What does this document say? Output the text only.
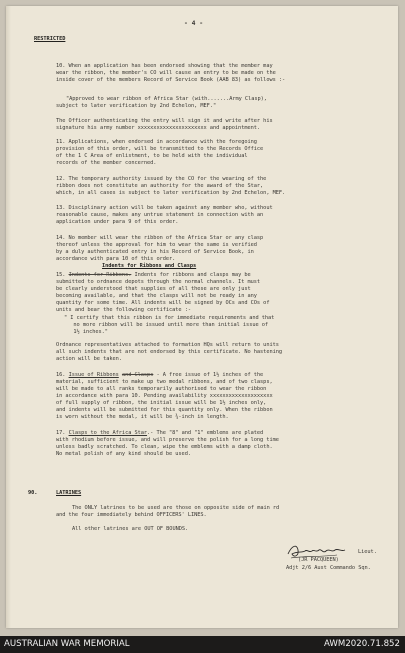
- 4 -
RESTRICTED
10. When an application has been endorsed showing that the member may
wear the ribbon, the member's CO will cause an entry to be made on the
inside cover of the members Record of Service Book (AAB 83) as follows :-
"Approved to wear ribbon of Africa Star (with.......Army Clasp),
subject to later verification by 2nd Echelon, MEF."
The Officer authenticating the entry will sign it and write after his
signature his army number xxxxxxxxxxxxxxxxxxxxxx and appointment.
11. Applications, when endorsed in accordance with the foregoing
provision of this order, will be transmitted to the Records Office
of the 1 C Area of enlistment, to be held with the individual
records of the member concerned.
12. The temporary authority issued by the CO for the wearing of the
ribbon does not constitute an authority for the award of the Star,
which, in all cases is subject to later verification by 2nd Echelon, MEF.
13. Disciplinary action will be taken against any member who, without
reasonable cause, makes any untrue statement in connection with an
application under para 9 of this order.
14. No member will wear the ribbon of the Africa Star or any clasp
thereof unless the approval for him to wear the same is verified
by a duly authenticated entry in his Record of Service Book, in
accordance with para 10 of this order.
Indents for Ribbons and Clasps
15. Indents for Ribbons. Indents for ribbons and clasps may be
submitted to ordnance depots through the normal channels. It must
be clearly understood that supplies of all these are only just
becoming available, and that the clasps will not be ready in any
quantity for some time. All indents will be signed by OCs and COs of
units and bear the following certificate :-
" I certify that this ribbon is for immediate requirements and that
no more ribbon will be issued until more than initial issue of
1½ inches."
Ordnance representatives attached to formation HQs will return to units
all such indents that are not endorsed by this certificate. No hastening
action will be taken.
16. Issue of Ribbons and Clasps - A free issue of 1½ inches of the
material, sufficient to make up two medal ribbons, and of two clasps,
will be made to all ranks temporarily authorised to wear the ribbon
in accordance with para 10. Pending availability xxxxxxxxxxxxxxxxxxxx
of full supply of ribbon, the initial issue will be 1½ inches only,
and indents will be submitted for this quantity only. When the ribbon
is worn without the medal, it will be ¾-inch in length.
17. Clasps to the Africa Star.- The "8" and "1" emblems are plated
with rhodium before issue, and will preserve the polish for a long time
unless badly scratched. To clean, wipe the emblems with a damp cloth.
No metal polish of any kind should be used.
90.	LATRINES
The ONLY latrines to be used are those on opposite side of main rd
and the four immediately behind OFFICERS' LINES.
All other latrines are OUT OF BOUNDS.
Lieut.
(JR PACQUEEN)
Adjt 2/6 Aust Commando Sqn.
AUSTRALIAN WAR MEMORIAL	AWM2020.71.852
